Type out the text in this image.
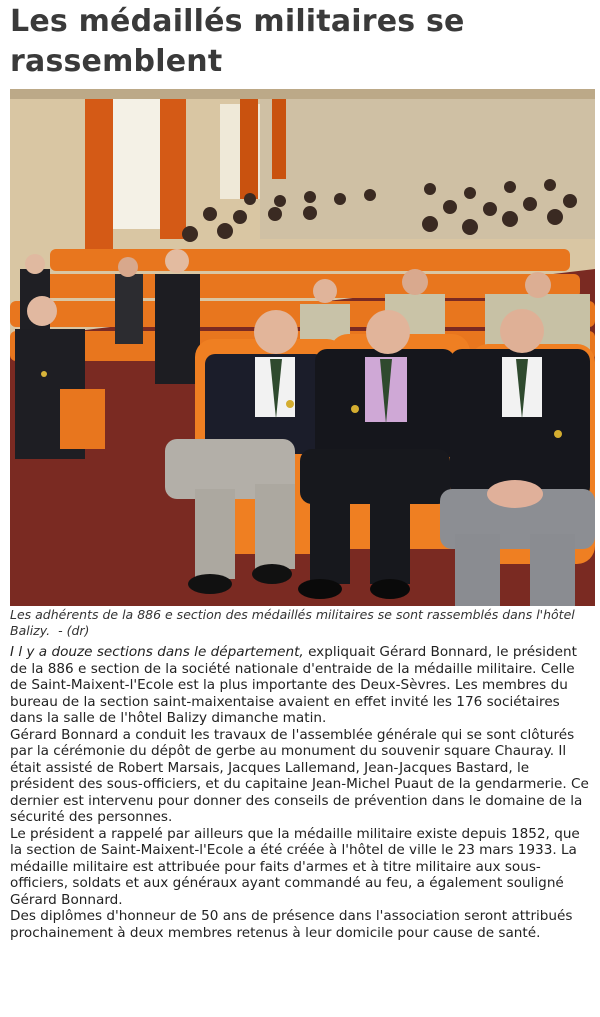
Les médaillés militaires se rassemblent

Les adhérents de la 886 e section des médaillés militaires se sont rassemblés dans l'hôtel Balizy.  - (dr)

I l y a douze sections dans le département, expliquait Gérard Bonnard, le président de la 886 e section de la société nationale d'entraide de la médaille militaire. Celle de Saint-Maixent-l'Ecole est la plus importante des Deux-Sèvres. Les membres du bureau de la section saint-maixentaise avaient en effet invité les 176 sociétaires dans la salle de l'hôtel Balizy dimanche matin.

Gérard Bonnard a conduit les travaux de l'assemblée générale qui se sont clôturés par la cérémonie du dépôt de gerbe au monument du souvenir square Chauray. Il était assisté de Robert Marsais, Jacques Lallemand, Jean-Jacques Bastard, le président des sous-officiers, et du capitaine Jean-Michel Puaut de la gendarmerie. Ce dernier est intervenu pour donner des conseils de prévention dans le domaine de la sécurité des personnes.

Le président a rappelé par ailleurs que la médaille militaire existe depuis 1852, que la section de Saint-Maixent-l'Ecole a été créée à l'hôtel de ville le 23 mars 1933. La médaille militaire est attribuée pour faits d'armes et à titre militaire aux sous-officiers, soldats et aux généraux ayant commandé au feu, a également souligné Gérard Bonnard.

Des diplômes d'honneur de 50 ans de présence dans l'association seront attribués prochainement à deux membres retenus à leur domicile pour cause de santé.
